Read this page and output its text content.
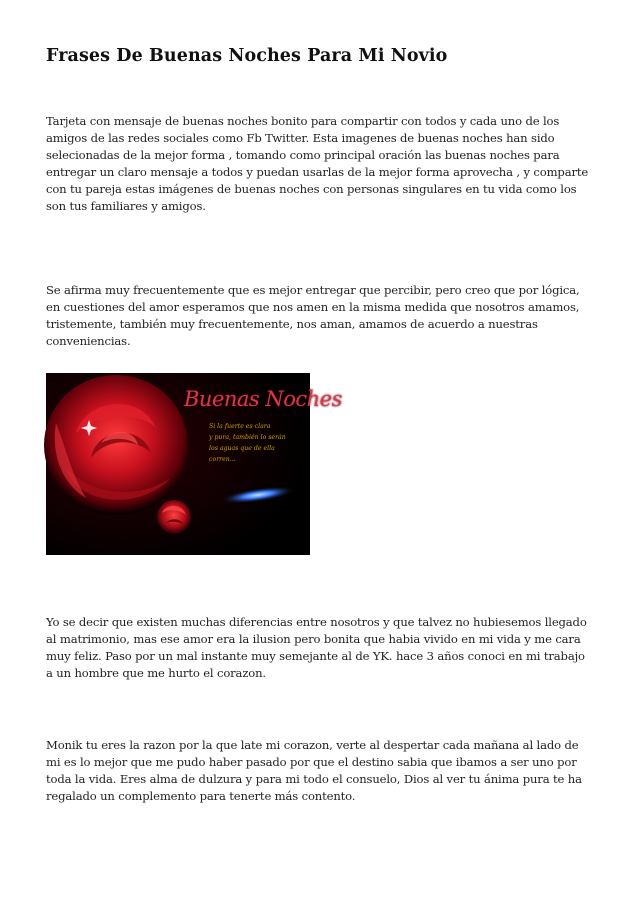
Frases De Buenas Noches Para Mi Novio

Tarjeta con mensaje de buenas noches bonito para compartir con todos y cada uno de los amigos de las redes sociales como Fb Twitter. Esta imagenes de buenas noches han sido selecionadas de la mejor forma , tomando como principal oración las buenas noches para entregar un claro mensaje a todos y puedan usarlas de la mejor forma aprovecha , y comparte con tu pareja estas imágenes de buenas noches con personas singulares en tu vida como los son tus familiares y amigos.

Se afirma muy frecuentemente que es mejor entregar que percibir, pero creo que por lógica, en cuestiones del amor esperamos que nos amen en la misma medida que nosotros amamos, tristemente, también muy frecuentemente, nos aman, amamos de acuerdo a nuestras conveniencias.

Buenas Noches
Si la fuerte es clara
y pura, también lo serán
los aguas que de ella
corren...

Yo se decir que existen muchas diferencias entre nosotros y que talvez no hubiesemos llegado al matrimonio, mas ese amor era la ilusion pero bonita que habia vivido en mi vida y me cara muy feliz. Paso por un mal instante muy semejante al de YK. hace 3 años conoci en mi trabajo a un hombre que me hurto el corazon.

Monik tu eres la razon por la que late mi corazon, verte al despertar cada mañana al lado de mi es lo mejor que me pudo haber pasado por que el destino sabia que ibamos a ser uno por toda la vida. Eres alma de dulzura y para mi todo el consuelo, Dios al ver tu ánima pura te ha regalado un complemento para tenerte más contento.
